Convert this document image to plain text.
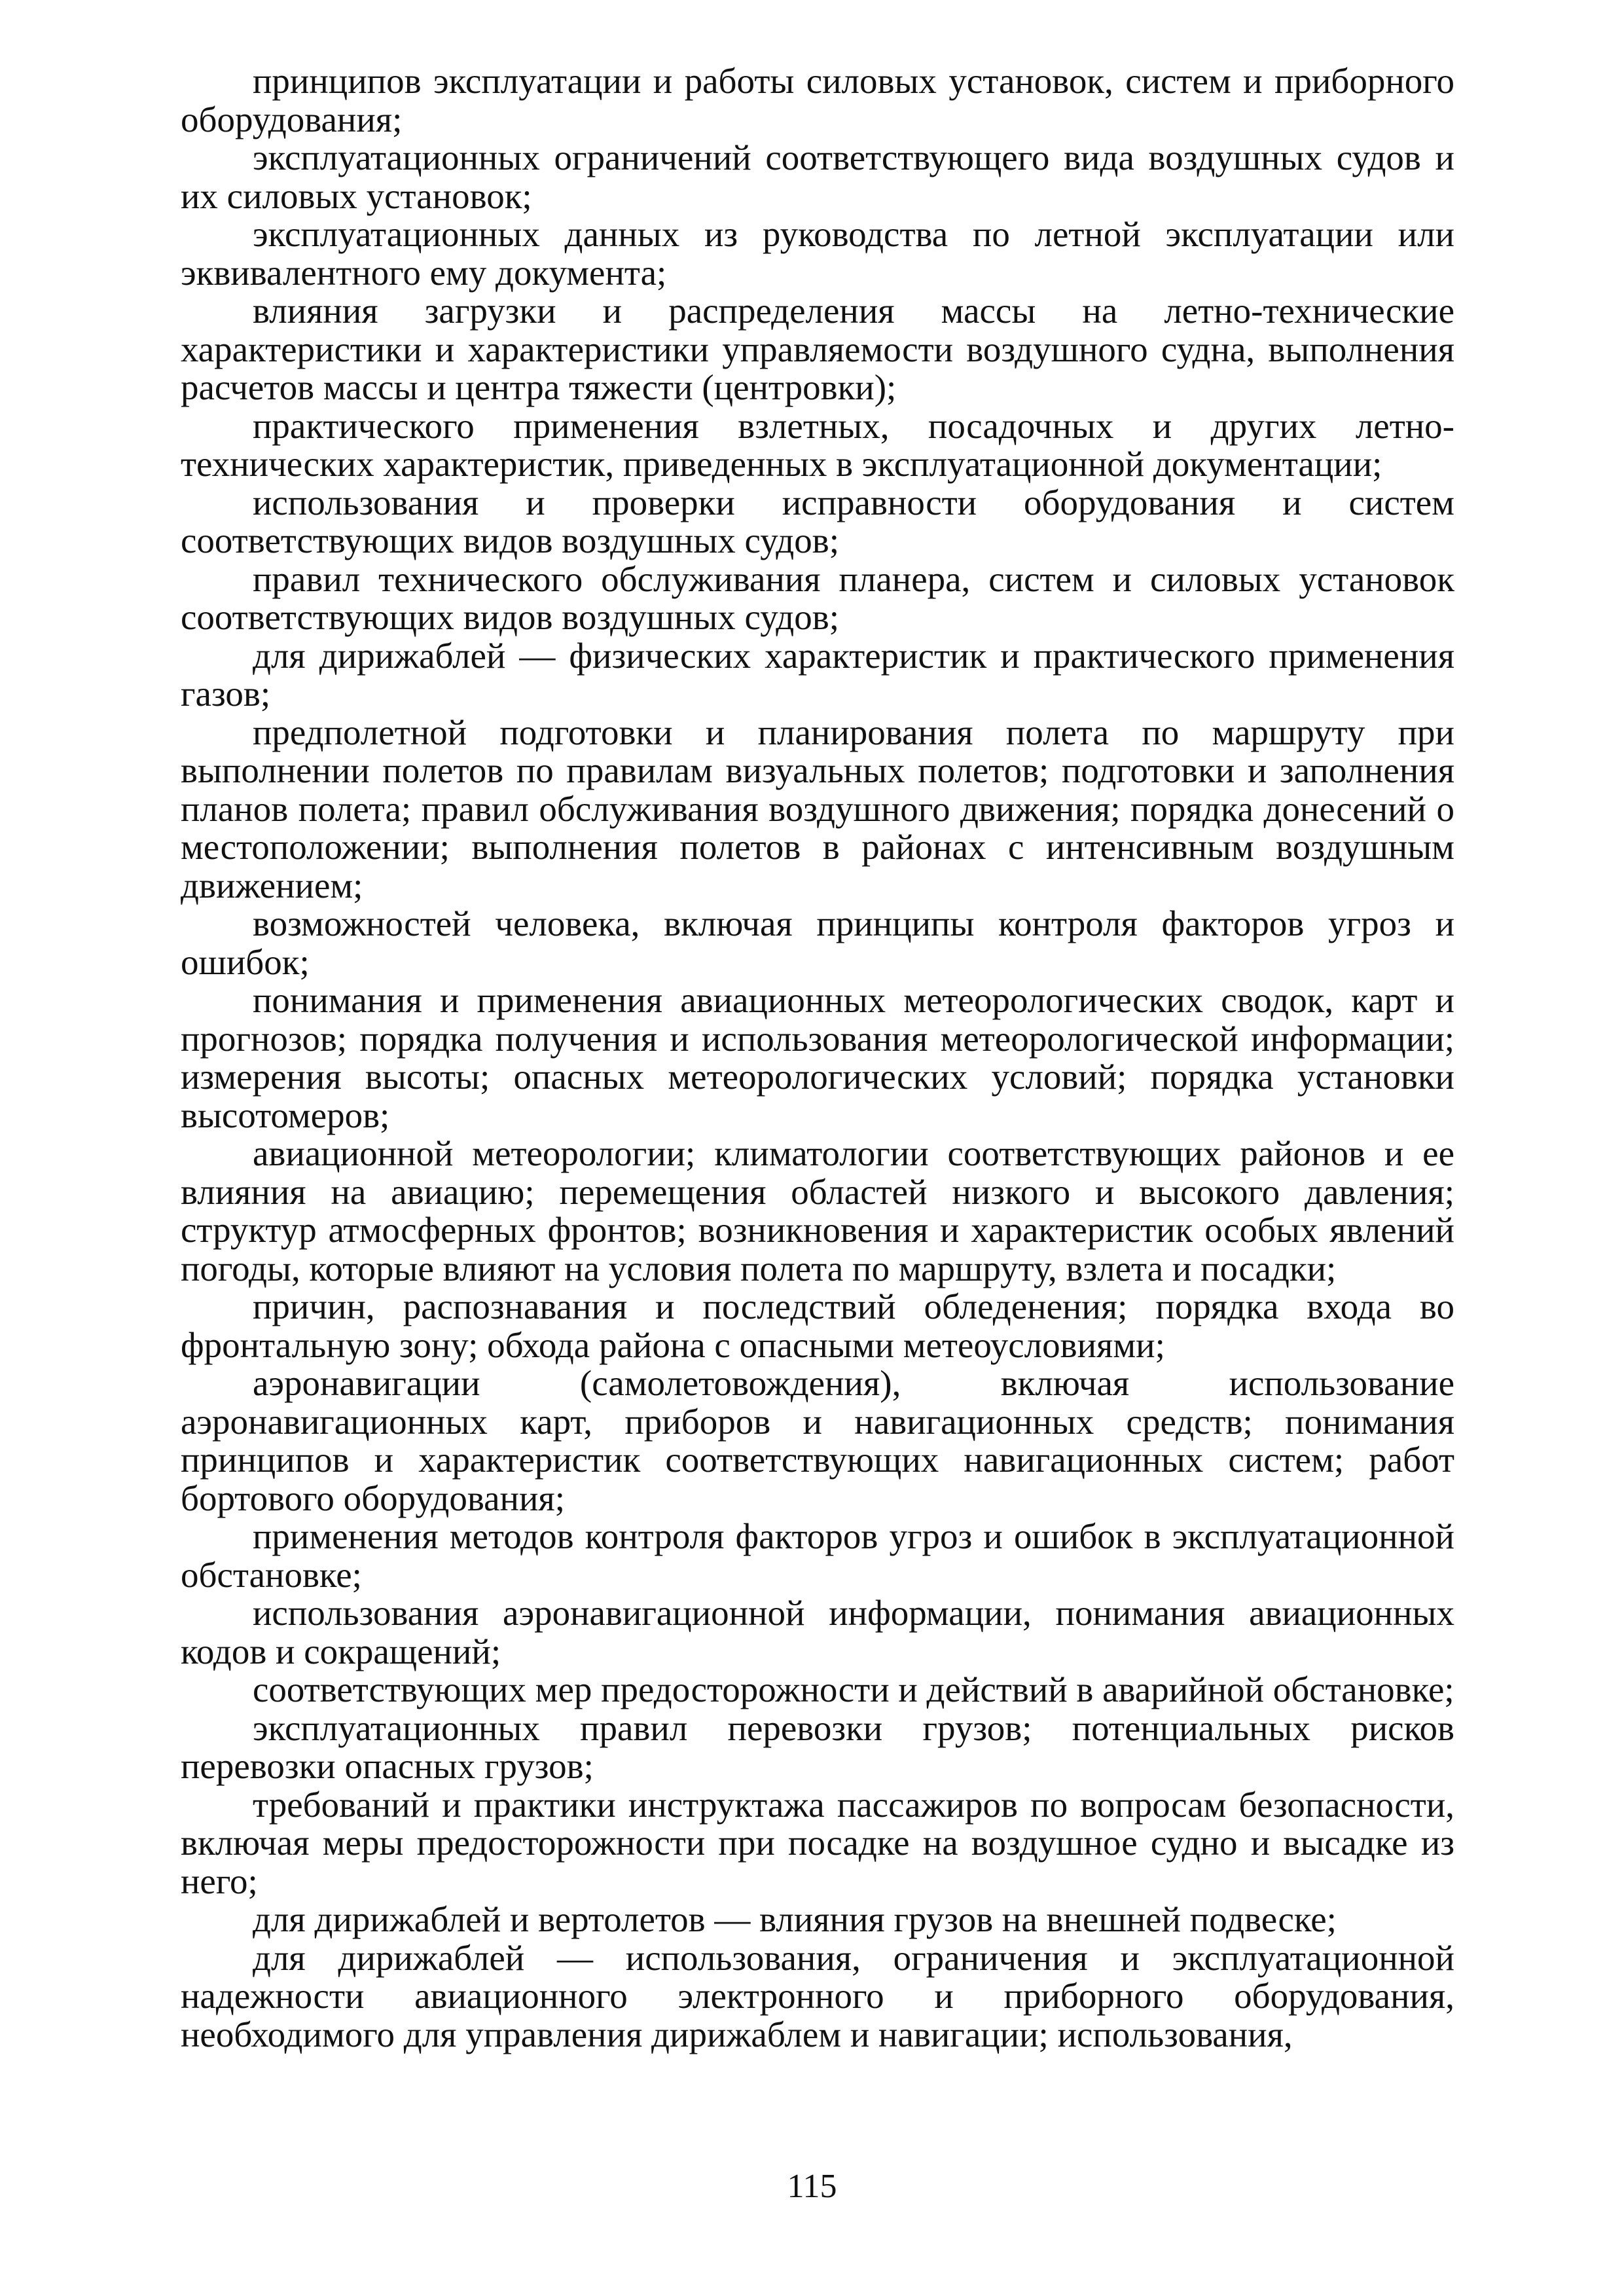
принципов эксплуатации и работы силовых установок, систем и приборного оборудования;

эксплуатационных ограничений соответствующего вида воздушных судов и их силовых установок;

эксплуатационных данных из руководства по летной эксплуатации или эквивалентного ему документа;

влияния загрузки и распределения массы на летно-технические характеристики и характеристики управляемости воздушного судна, выполнения расчетов массы и центра тяжести (центровки);

практического применения взлетных, посадочных и других летно-технических характеристик, приведенных в эксплуатационной документации;

использования и проверки исправности оборудования и систем соответствующих видов воздушных судов;

правил технического обслуживания планера, систем и силовых установок соответствующих видов воздушных судов;

для дирижаблей — физических характеристик и практического применения газов;

предполетной подготовки и планирования полета по маршруту при выполнении полетов по правилам визуальных полетов; подготовки и заполнения планов полета; правил обслуживания воздушного движения; порядка донесений о местоположении; выполнения полетов в районах с интенсивным воздушным движением;

возможностей человека, включая принципы контроля факторов угроз и ошибок;

понимания и применения авиационных метеорологических сводок, карт и прогнозов; порядка получения и использования метеорологической информации; измерения высоты; опасных метеорологических условий; порядка установки высотомеров;

авиационной метеорологии; климатологии соответствующих районов и ее влияния на авиацию; перемещения областей низкого и высокого давления; структур атмосферных фронтов; возникновения и характеристик особых явлений погоды, которые влияют на условия полета по маршруту, взлета и посадки;

причин, распознавания и последствий обледенения; порядка входа во фронтальную зону; обхода района с опасными метеоусловиями;

аэронавигации (самолетовождения), включая использование аэронавигационных карт, приборов и навигационных средств; понимания принципов и характеристик соответствующих навигационных систем; работ бортового оборудования;

применения методов контроля факторов угроз и ошибок в эксплуатационной обстановке;

использования аэронавигационной информации, понимания авиационных кодов и сокращений;

соответствующих мер предосторожности и действий в аварийной обстановке;

эксплуатационных правил перевозки грузов; потенциальных рисков перевозки опасных грузов;

требований и практики инструктажа пассажиров по вопросам безопасности, включая меры предосторожности при посадке на воздушное судно и высадке из него;

для дирижаблей и вертолетов — влияния грузов на внешней подвеске;

для дирижаблей — использования, ограничения и эксплуатационной надежности авиационного электронного и приборного оборудования, необходимого для управления дирижаблем и навигации; использования,

115
